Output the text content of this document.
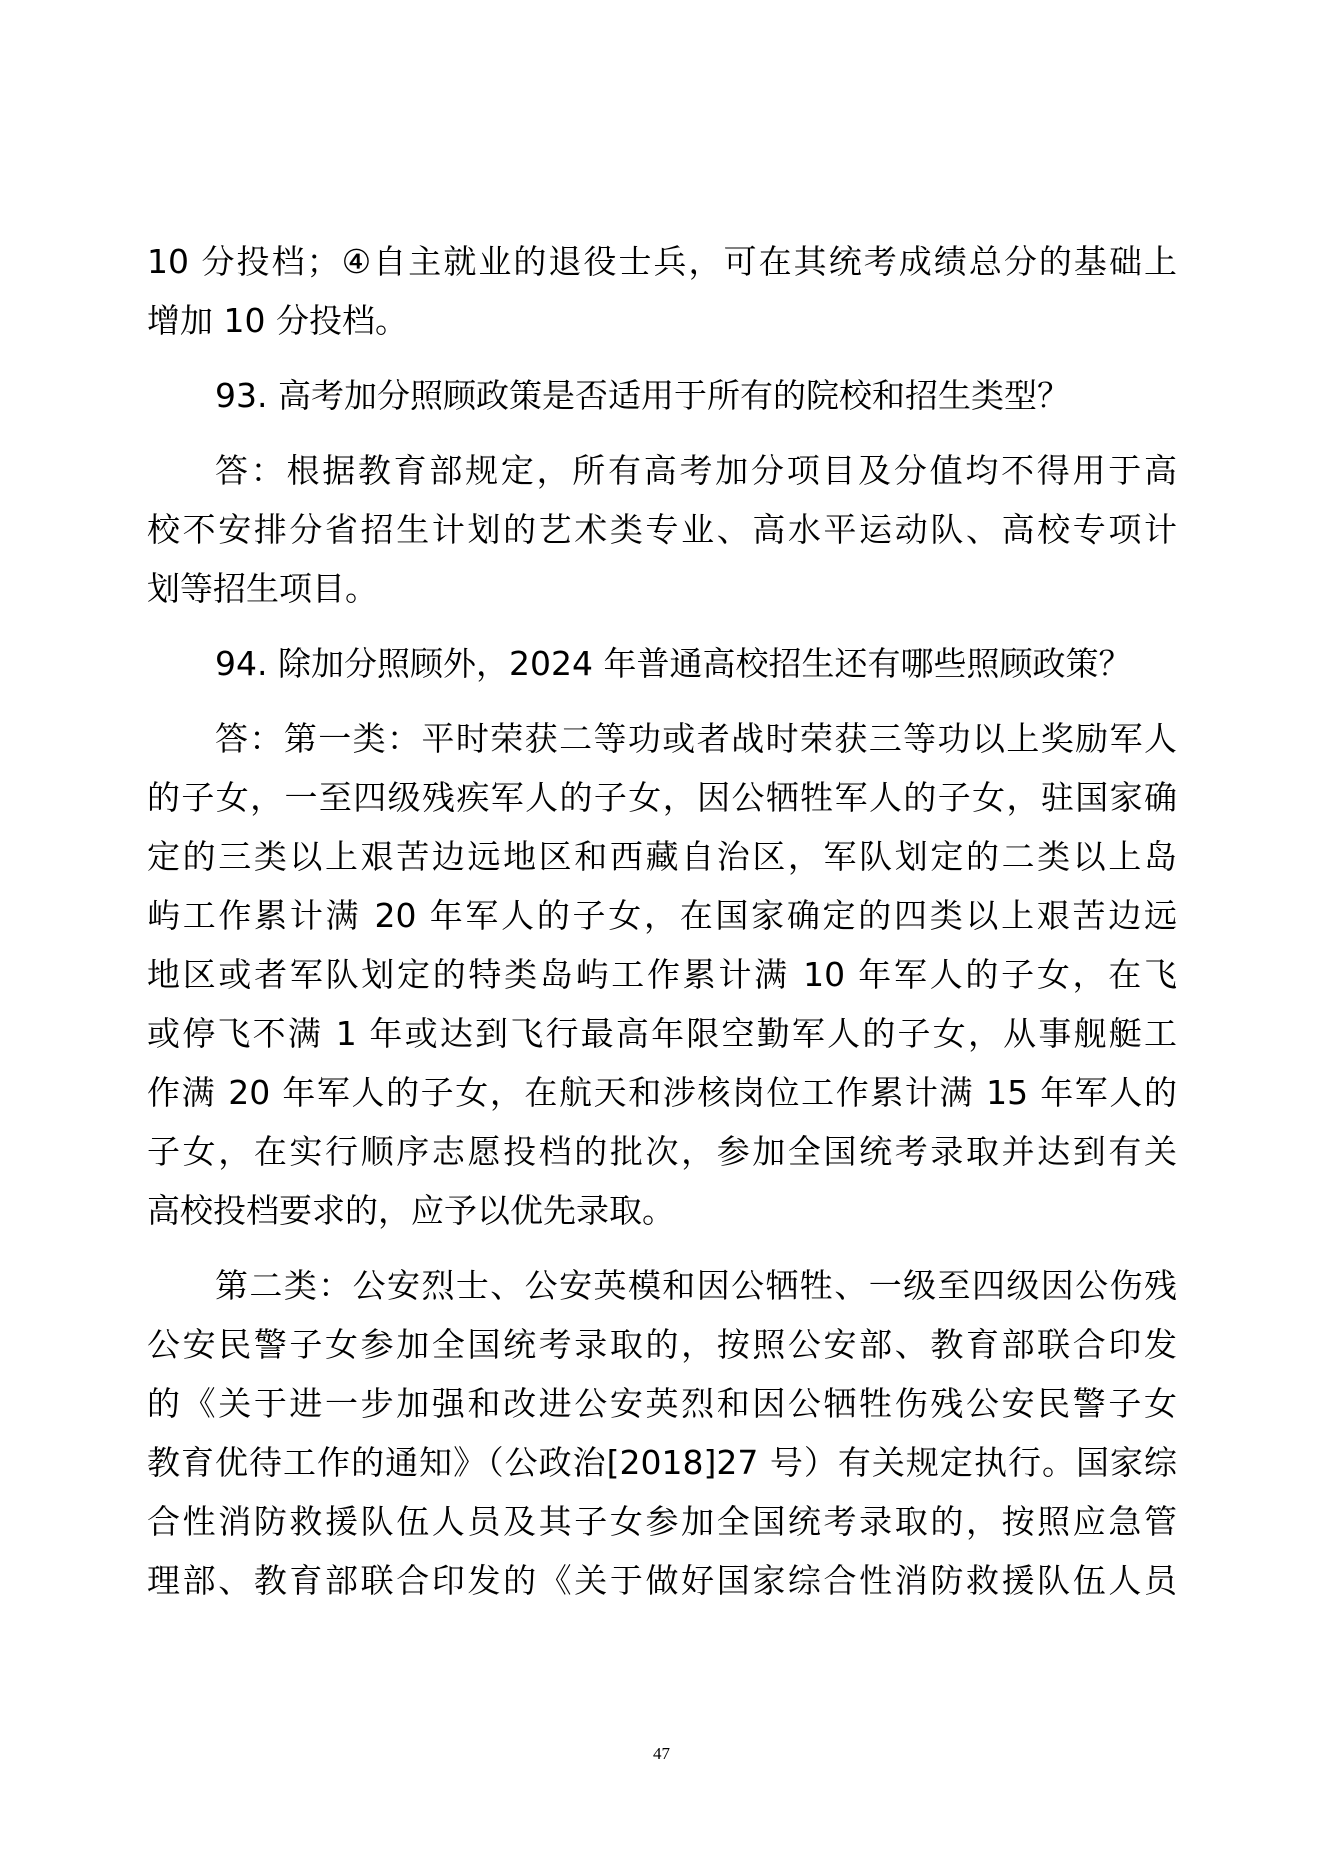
10 分投档；④自主就业的退役士兵，可在其统考成绩总分的基础上
增加 10 分投档。
93. 高考加分照顾政策是否适用于所有的院校和招生类型？
答：根据教育部规定，所有高考加分项目及分值均不得用于高
校不安排分省招生计划的艺术类专业、高水平运动队、高校专项计
划等招生项目。
94. 除加分照顾外，2024 年普通高校招生还有哪些照顾政策？
答：第一类：平时荣获二等功或者战时荣获三等功以上奖励军人
的子女，一至四级残疾军人的子女，因公牺牲军人的子女，驻国家确
定的三类以上艰苦边远地区和西藏自治区，军队划定的二类以上岛
屿工作累计满 20 年军人的子女，在国家确定的四类以上艰苦边远
地区或者军队划定的特类岛屿工作累计满 10 年军人的子女，在飞
或停飞不满 1 年或达到飞行最高年限空勤军人的子女，从事舰艇工
作满 20 年军人的子女，在航天和涉核岗位工作累计满 15 年军人的
子女，在实行顺序志愿投档的批次，参加全国统考录取并达到有关
高校投档要求的，应予以优先录取。
第二类：公安烈士、公安英模和因公牺牲、一级至四级因公伤残
公安民警子女参加全国统考录取的，按照公安部、教育部联合印发
的《关于进一步加强和改进公安英烈和因公牺牲伤残公安民警子女
教育优待工作的通知》（公政治[2018]27 号）有关规定执行。国家综
合性消防救援队伍人员及其子女参加全国统考录取的，按照应急管
理部、教育部联合印发的《关于做好国家综合性消防救援队伍人员
47
